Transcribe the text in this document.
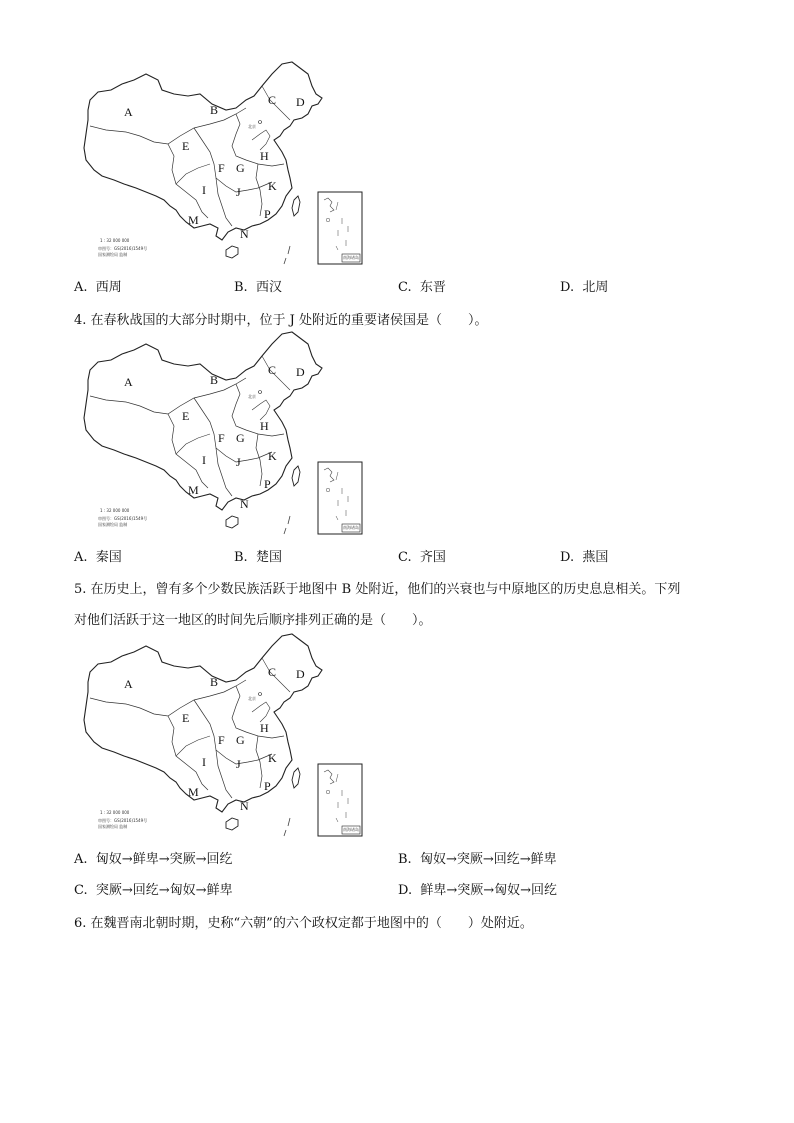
北京
南海诸岛
1 : 32 000 000
审图号：GS(2016)1549号
国家测绘局 监制
A	B
C D
E
F G
H
I	J K
M
N
P
北京
南海诸岛
1 : 32 000 000
审图号：GS(2016)1549号
国家测绘局 监制
A	B
C D
E
F G
H
I	J K
M
N
P
北京
南海诸岛
1 : 32 000 000
审图号：GS(2016)1549号
国家测绘局 监制
A	B
C D
E
F G
H
I	J K
M
N
P
A. 西周	B. 西汉	C. 东晋	D. 北周
4. 在春秋战国的大部分时期中，位于 J 处附近的重要诸侯国是（　　）。
A. 秦国	B. 楚国	C. 齐国	D. 燕国
5. 在历史上，曾有多个少数民族活跃于地图中 B 处附近，他们的兴衰也与中原地区的历史息息相关。下列
对他们活跃于这一地区的时间先后顺序排列正确的是（　　）。
A. 匈奴→鲜卑→突厥→回纥	B. 匈奴→突厥→回纥→鲜卑
C. 突厥→回纥→匈奴→鲜卑	D. 鲜卑→突厥→匈奴→回纥
6. 在魏晋南北朝时期，史称“六朝”的六个政权定都于地图中的（　　）处附近。
